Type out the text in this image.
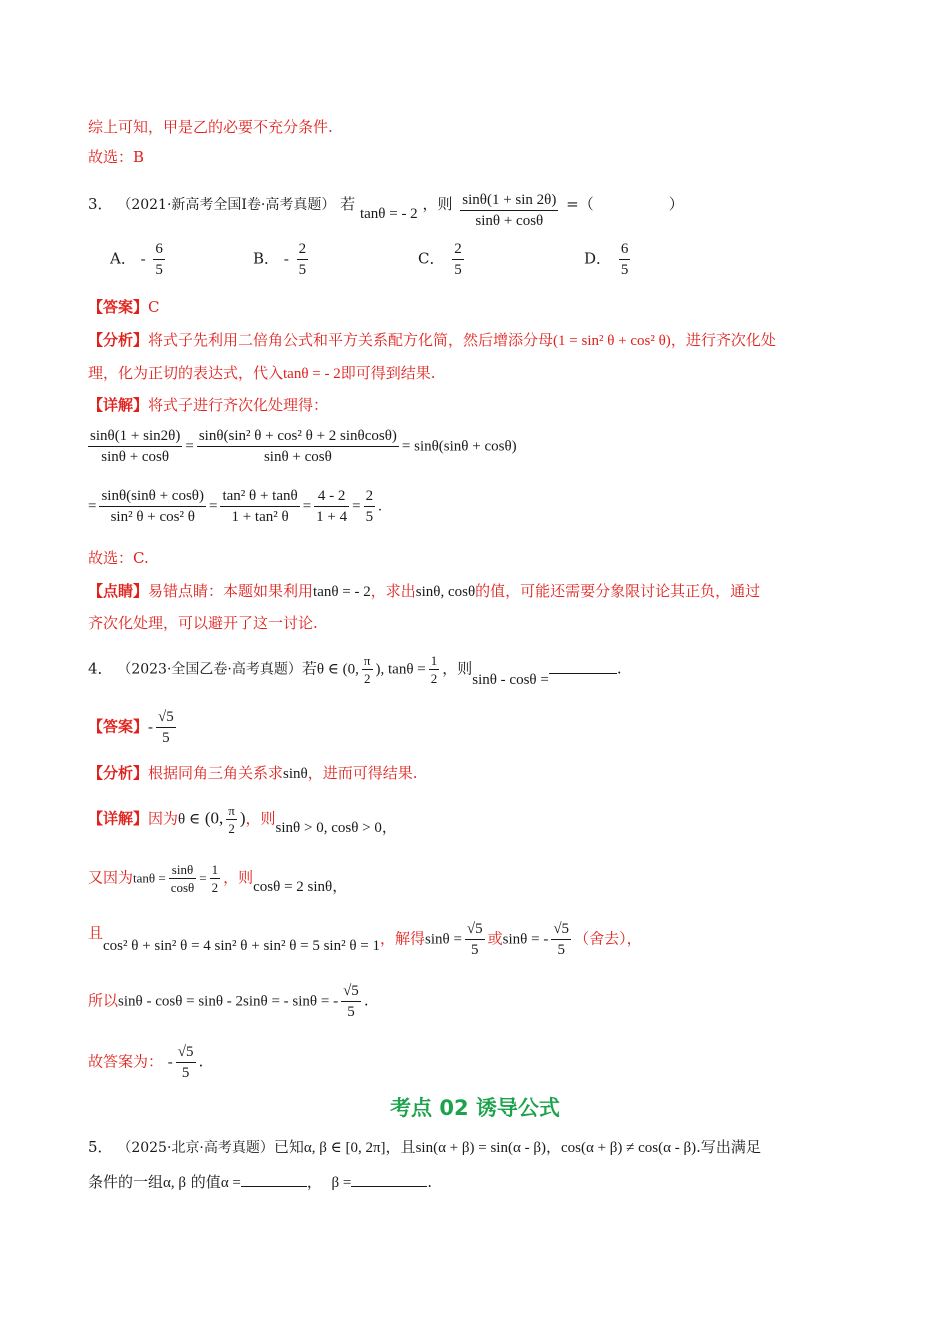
综上可知，甲是乙的必要不充分条件.
故选：B
3． （2021·新高考全国Ⅰ卷·高考真题） 若 tanθ = - 2 ，则 $\frac{\sin\theta(1 + \sin 2\theta)}{\sin\theta + \cos\theta}$ =（　　　　　）
A． - $\frac{6}{5}$	B． - $\frac{2}{5}$	C． $\frac{2}{5}$	D． $\frac{6}{5}$
【答案】C
【分析】将式子先利用二倍角公式和平方关系配方化简，然后增添分母(1 = sin² θ + cos² θ)，进行齐次化处
理，化为正切的表达式，代入tanθ = - 2即可得到结果.
【详解】将式子进行齐次化处理得：
$\frac{\sin\theta(1 + \sin 2\theta)}{\sin\theta + \cos\theta} = \frac{\text{sinθ(sin² θ + cos² θ + 2 sinθcosθ)}}{\sin\theta + \cos\theta} = \sin\theta(\sin\theta + \cos\theta)$
= $\frac{\sin\theta(\sin\theta + \cos\theta)}{\text{sin² θ + cos² θ}} = \frac{\text{tan² θ + tanθ}}{\text{1 + tan² θ}} = \frac{4 - 2}{1 + 4} = \frac{2}{5}$ .
故选：C.
【点睛】易错点睛：本题如果利用tanθ = - 2，求出sinθ, cosθ的值，可能还需要分象限讨论其正负，通过
齐次化处理，可以避开了这一讨论.
4． （2023·全国乙卷·高考真题）若θ ∈ (0, $\frac{\pi}{2}$ ), $\tan\theta = \frac{1}{2}$ ，则sinθ - cosθ =.
【答案】- $\frac{√5}{5}$
【分析】根据同角三角关系求sinθ，进而可得结果.
【详解】因为θ ∈ (0, $\frac{\pi}{2}$ )，则sinθ > 0, cosθ > 0，
又因为$\tan\theta = \frac{\sin\theta}{\cos\theta} = \frac{1}{2}$ ，则cosθ = 2 sinθ，
且cos² θ + sin² θ = 4 sin² θ + sin² θ = 5 sin² θ = 1，解得$\sin\theta = \frac{√5}{5}$ 或sinθ = - $\frac{√5}{5}$ （舍去），
所以sinθ - cosθ = sinθ - 2sinθ = - sinθ = - $\frac{√5}{5}$ .
故答案为： - $\frac{√5}{5}$ .
考点 02 诱导公式
5． （2025·北京·高考真题）已知α, β ∈ [0, 2π]，且sin(α + β) = sin(α - β)，cos(α + β) ≠ cos(α - β).写出满足
条件的一组α, β 的值α =	， β =	.
